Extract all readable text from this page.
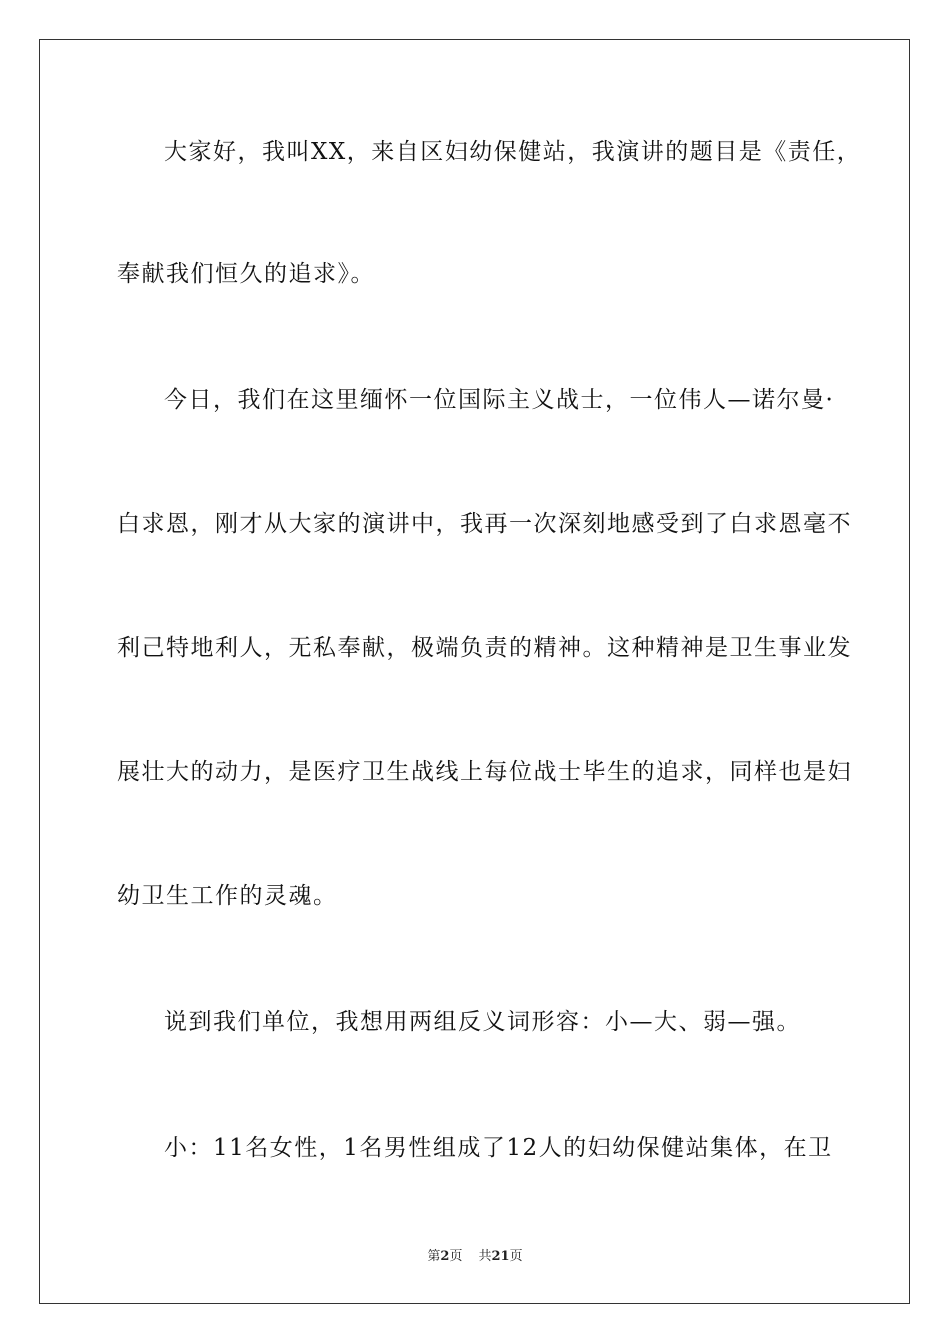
大家好，我叫XX，来自区妇幼保健站，我演讲的题目是《责任，
奉献我们恒久的追求》。
今日，我们在这里缅怀一位国际主义战士，一位伟人—诺尔曼·
白求恩，刚才从大家的演讲中，我再一次深刻地感受到了白求恩毫不
利己特地利人，无私奉献，极端负责的精神。这种精神是卫生事业发
展壮大的动力，是医疗卫生战线上每位战士毕生的追求，同样也是妇
幼卫生工作的灵魂。
说到我们单位，我想用两组反义词形容：小—大、弱—强。
小：11名女性，1名男性组成了12人的妇幼保健站集体，在卫
第2页 共21页
